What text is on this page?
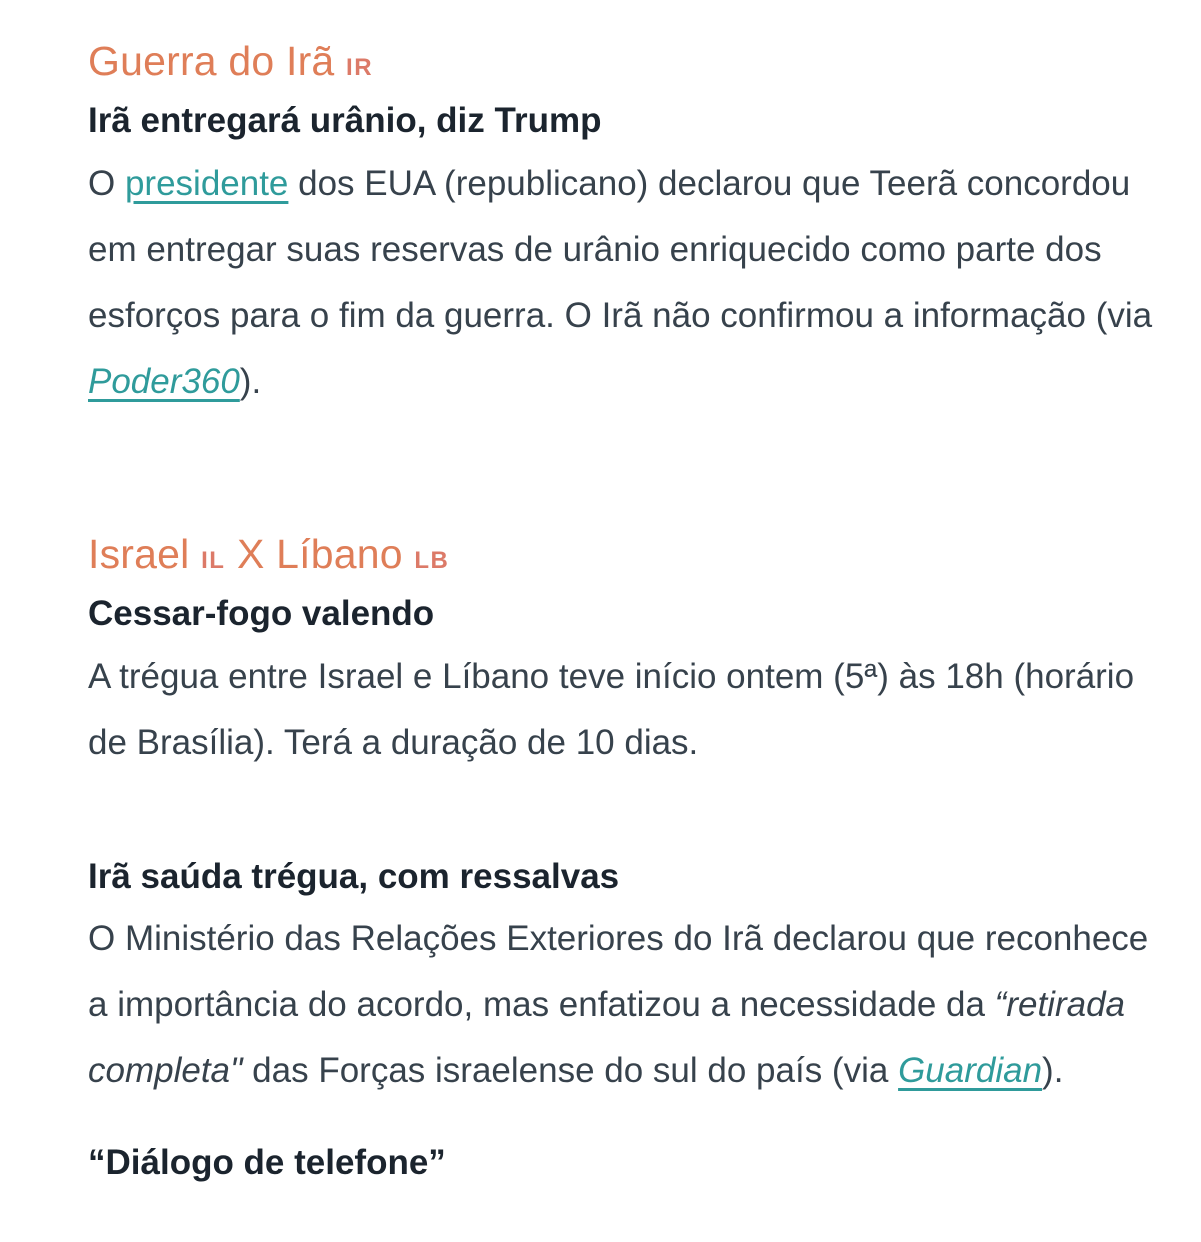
Guerra do Irã IR
Irã entregará urânio, diz Trump

O presidente dos EUA (republicano) declarou que Teerã concordou em entregar suas reservas de urânio enriquecido como parte dos esforços para o fim da guerra. O Irã não confirmou a informação (via Poder360).

Israel IL X Líbano LB
Cessar-fogo valendo

A trégua entre Israel e Líbano teve início ontem (5ª) às 18h (horário de Brasília). Terá a duração de 10 dias.

Irã saúda trégua, com ressalvas

O Ministério das Relações Exteriores do Irã declarou que reconhece a importância do acordo, mas enfatizou a necessidade da “retirada completa" das Forças israelense do sul do país (via Guardian).

“Diálogo de telefone”
